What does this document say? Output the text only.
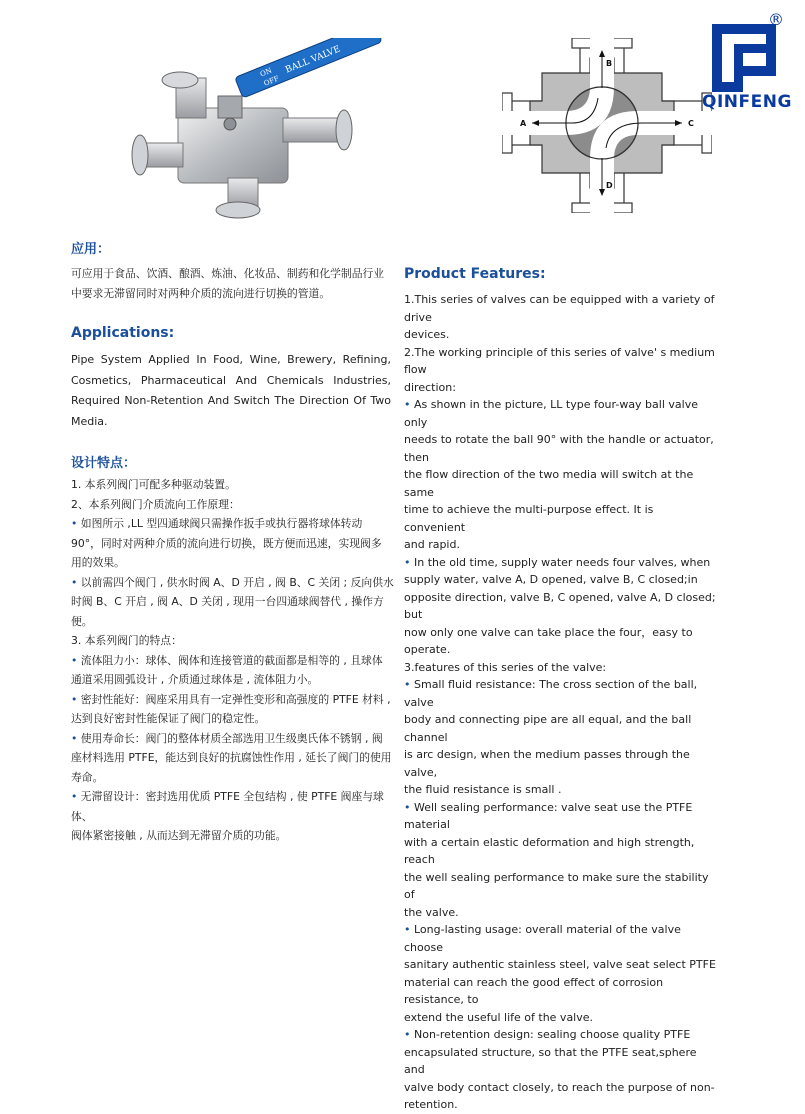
ON
OFF
BALL VALVE	B
A	C
D
®
QINFENG
应用：

可应用于食品、饮酒、酿酒、炼油、化妆品、制药和化学制品行业

中要求无滞留同时对两种介质的流向进行切换的管道。

Applications:

Pipe System Applied In Food, Wine, Brewery, Refining,

Cosmetics, Pharmaceutical And Chemicals Industries,

Required Non-Retention And Switch The Direction Of Two

Media.

设计特点：

1. 本系列阀门可配多种驱动装置。

2、本系列阀门介质流向工作原理：

• 如图所示 ,LL 型四通球阀只需操作扳手或执行器将球体转动

90°，同时对两种介质的流向进行切换，既方便而迅速，实现阀多

用的效果。

• 以前需四个阀门 , 供水时阀 A、D 开启 , 阀 B、C 关闭 ; 反向供水

时阀 B、C 开启 , 阀 A、D 关闭 , 现用一台四通球阀替代 , 操作方便。

3. 本系列阀门的特点：

• 流体阻力小：球体、阀体和连接管道的截面都是相等的 , 且球体

通道采用圆弧设计 , 介质通过球体是 , 流体阻力小。

• 密封性能好：阀座采用具有一定弹性变形和高强度的 PTFE 材料 ,

达到良好密封性能保证了阀门的稳定性。

• 使用寿命长：阀门的整体材质全部选用卫生级奥氏体不锈钢 , 阀

座材料选用 PTFE，能达到良好的抗腐蚀性作用 , 延长了阀门的使用

寿命。

• 无滞留设计：密封选用优质 PTFE 全包结构 , 使 PTFE 阀座与球体、

阀体紧密接触 , 从而达到无滞留介质的功能。

Product Features:

1.This series of valves can be equipped with a variety of drive

devices.

2.The working principle of this series of valve' s medium flow

direction:

• As shown in the picture, LL type four-way ball valve only

needs to rotate the ball 90° with the handle or actuator, then

the flow direction of the two media will switch at the same

time to achieve the multi-purpose effect. It is convenient

and rapid.

• In the old time, supply water needs four valves, when

supply water, valve A, D opened, valve B, C closed;in

opposite direction, valve B, C opened, valve A, D closed; but

now only one valve can take place the four，easy to operate.

3.features of this series of the valve:

• Small fluid resistance: The cross section of the ball, valve

body and connecting pipe are all equal, and the ball channel

is arc design, when the medium passes through the valve,

the fluid resistance is small .

• Well sealing performance: valve seat use the PTFE material

with a certain elastic deformation and high strength, reach

the well sealing performance to make sure the stability of

the valve.

• Long-lasting usage: overall material of the valve choose

sanitary authentic stainless steel, valve seat select PTFE

material can reach the good effect of corrosion resistance, to

extend the useful life of the valve.

• Non-retention design: sealing choose quality PTFE

encapsulated structure, so that the PTFE seat,sphere and

valve body contact closely, to reach the purpose of non-

retention.
